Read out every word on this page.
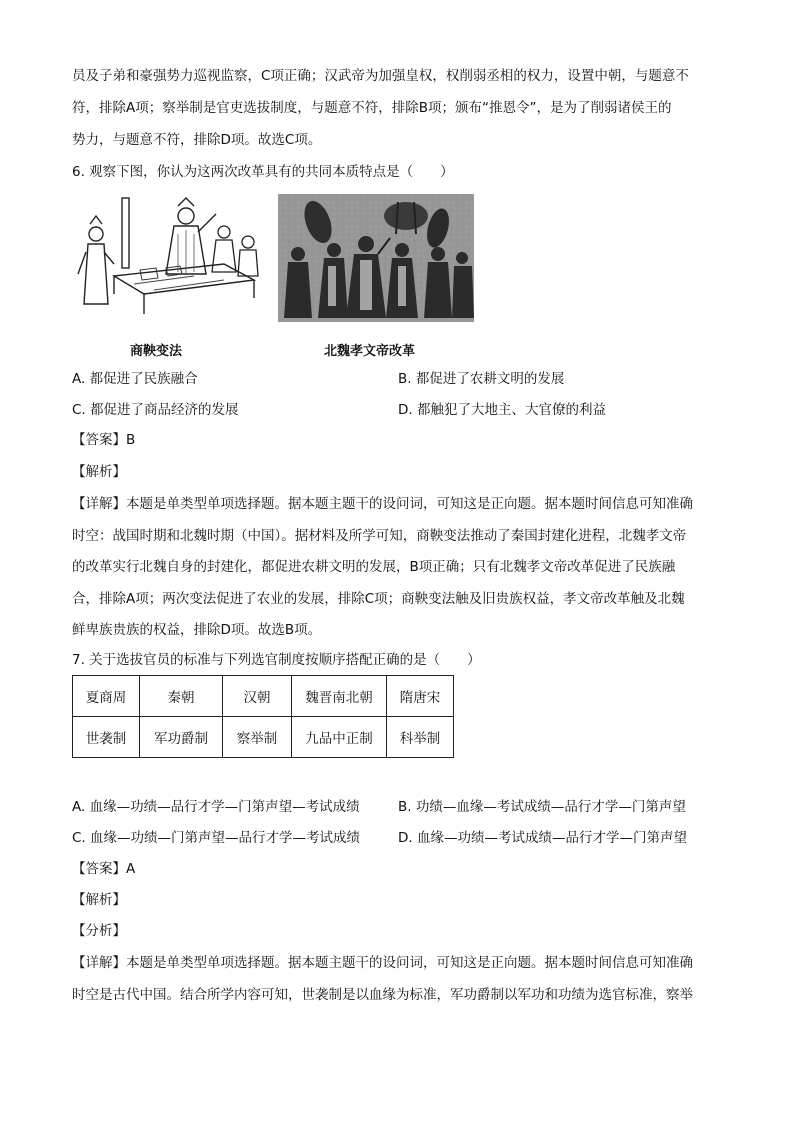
员及子弟和豪强势力巡视监察，C项正确；汉武帝为加强皇权，权削弱丞相的权力，设置中朝，与题意不
符，排除A项；察举制是官吏选拔制度，与题意不符，排除B项；颁布“推恩令”，是为了削弱诸侯王的
势力，与题意不符，排除D项。故选C项。
6. 观察下图，你认为这两次改革具有的共同本质特点是（　　）
商鞅变法	北魏孝文帝改革
A. 都促进了民族融合	B. 都促进了农耕文明的发展
C. 都促进了商品经济的发展	D. 都触犯了大地主、大官僚的利益
【答案】B
【解析】
【详解】本题是单类型单项选择题。据本题主题干的设问词，可知这是正向题。据本题时间信息可知准确
时空：战国时期和北魏时期（中国）。据材料及所学可知，商鞅变法推动了秦国封建化进程，北魏孝文帝
的改革实行北魏自身的封建化，都促进农耕文明的发展，B项正确；只有北魏孝文帝改革促进了民族融
合，排除A项；两次变法促进了农业的发展，排除C项；商鞅变法触及旧贵族权益，孝文帝改革触及北魏
鲜卑族贵族的权益，排除D项。故选B项。
7. 关于选拔官员的标准与下列选官制度按顺序搭配正确的是（　　）
夏商周	秦朝	汉朝	魏晋南北朝	隋唐宋
世袭制	军功爵制	察举制	九品中正制	科举制
A. 血缘—功绩—品行才学—门第声望—考试成绩	B. 功绩—血缘—考试成绩—品行才学—门第声望
C. 血缘—功绩—门第声望—品行才学—考试成绩	D. 血缘—功绩—考试成绩—品行才学—门第声望
【答案】A
【解析】
【分析】
【详解】本题是单类型单项选择题。据本题主题干的设问词，可知这是正向题。据本题时间信息可知准确
时空是古代中国。结合所学内容可知，世袭制是以血缘为标准，军功爵制以军功和功绩为选官标准，察举
